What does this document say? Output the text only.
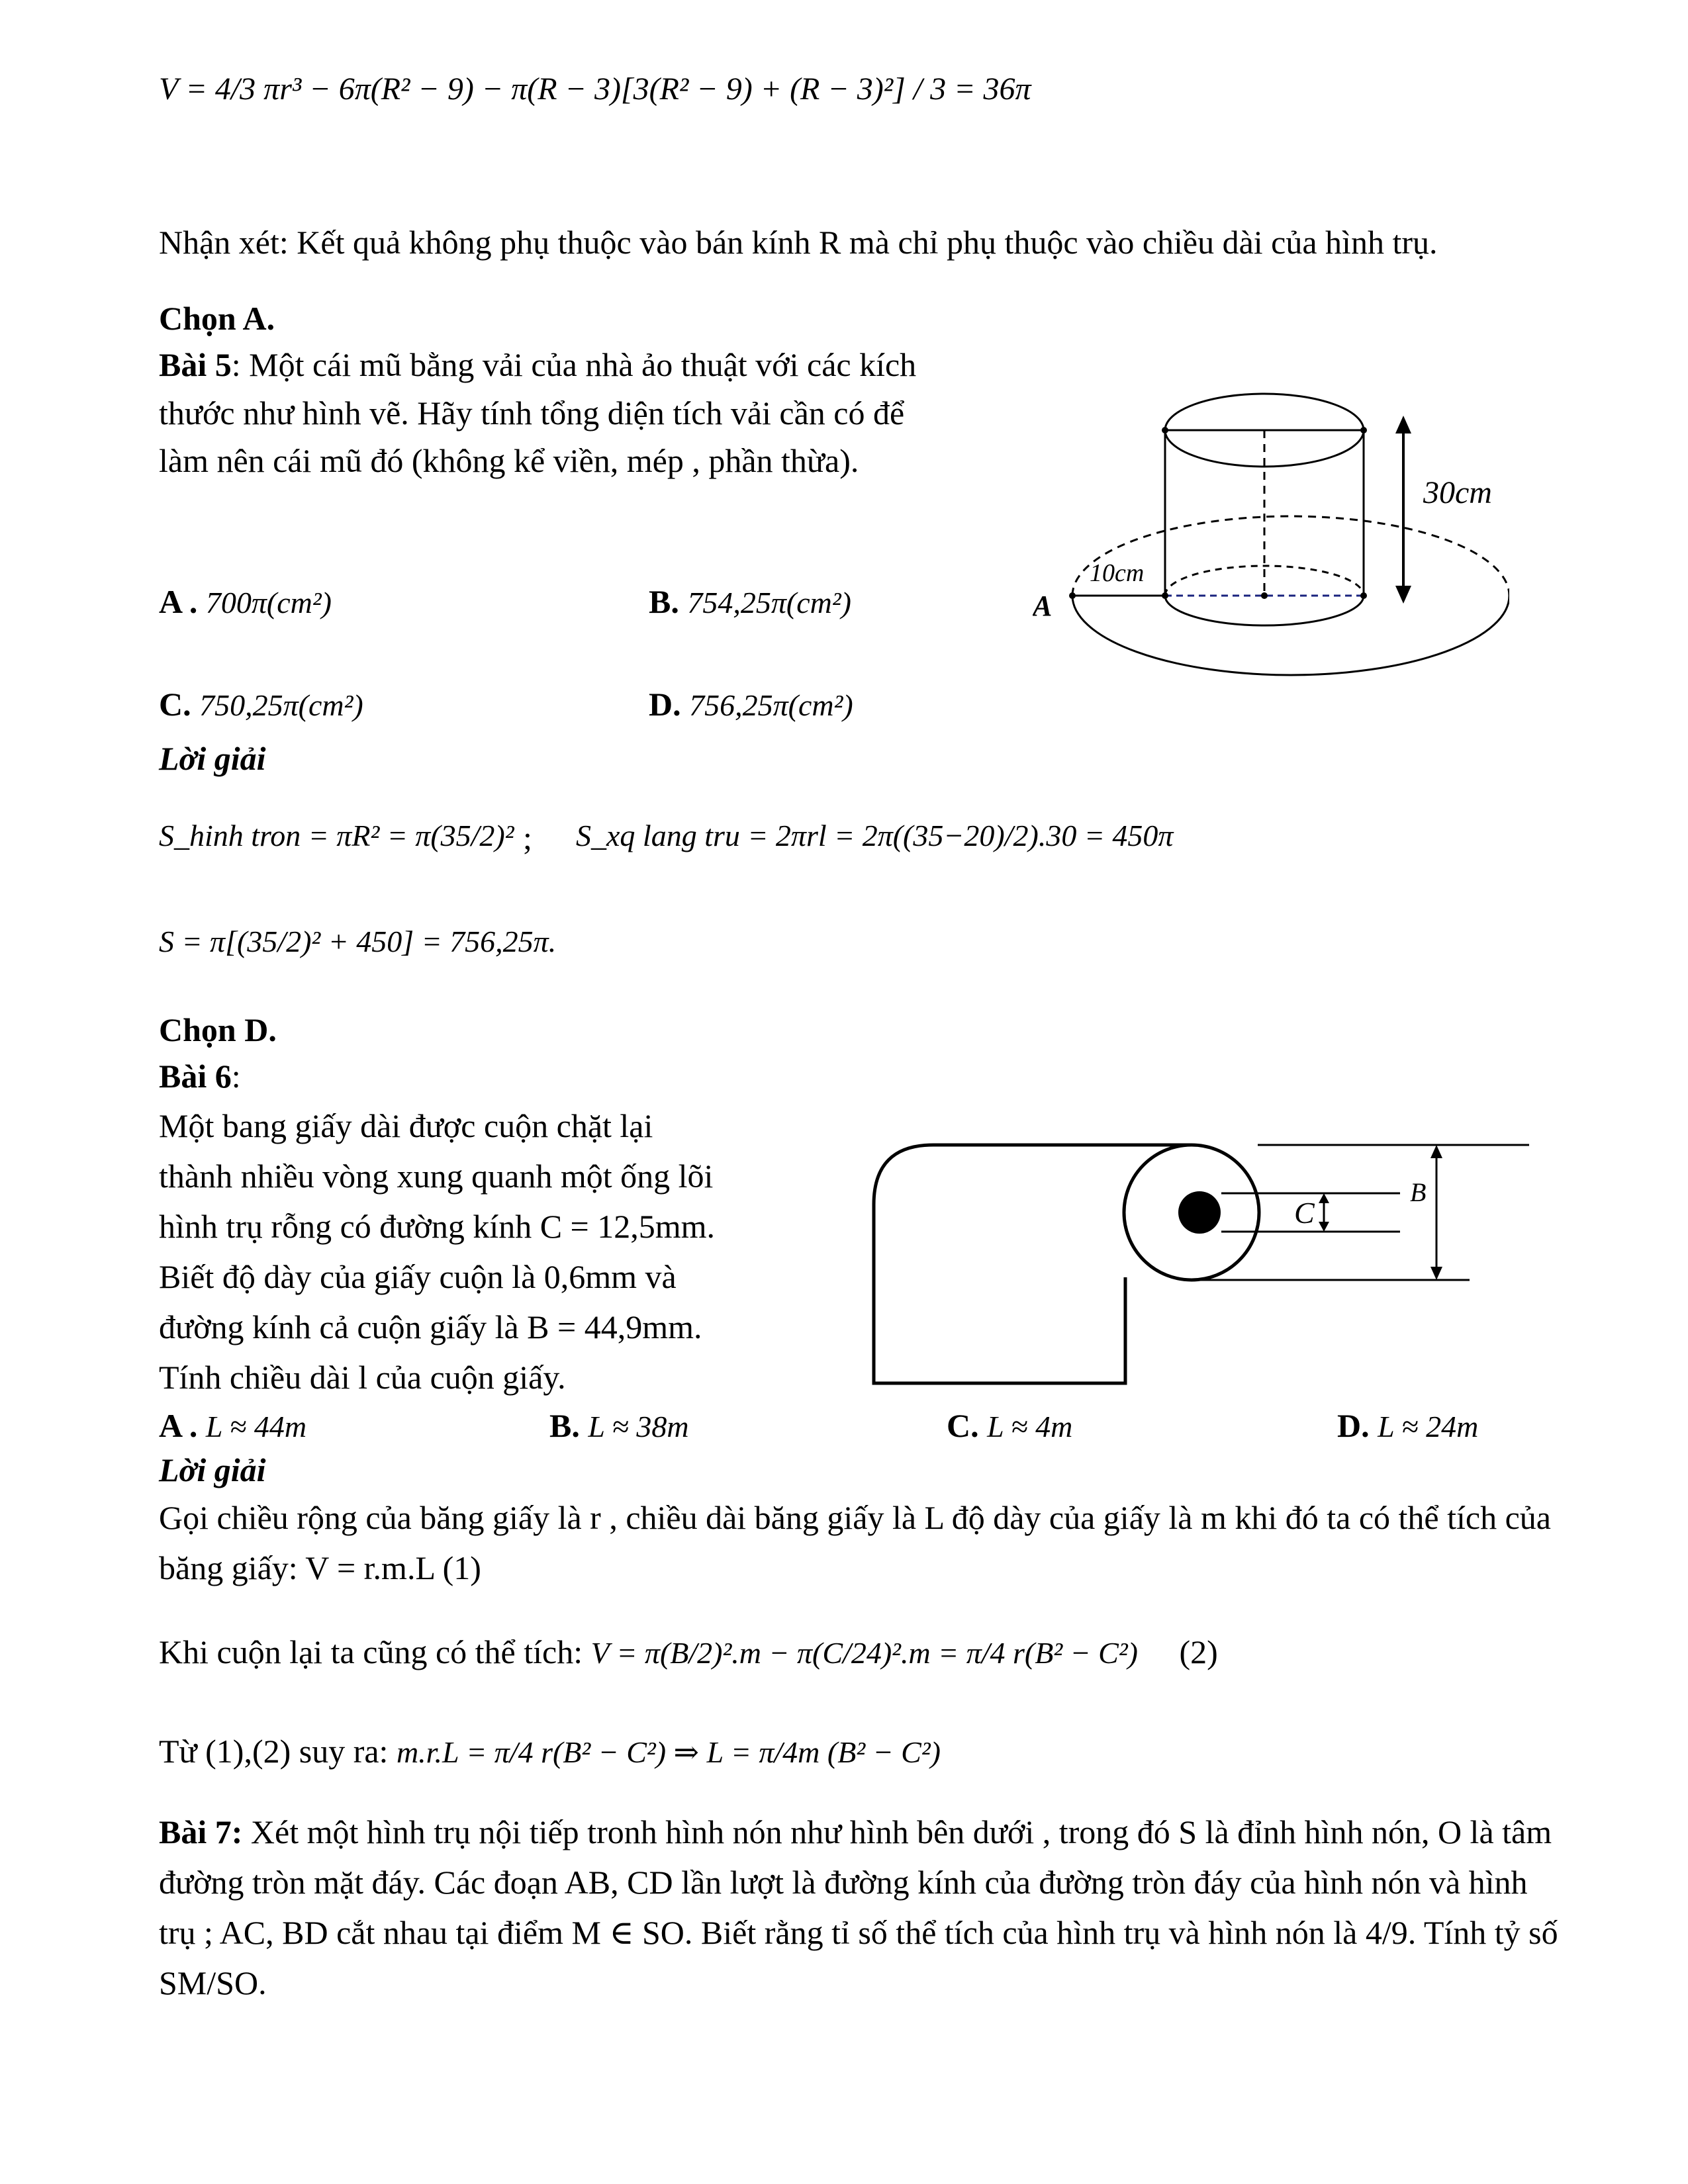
V = 4/3 πr³ − 6π(R² − 9) − π(R − 3)[3(R² − 9) + (R − 3)²] / 3 = 36π
Nhận xét: Kết quả không phụ thuộc vào bán kính R mà chỉ phụ thuộc vào chiều dài của hình trụ.
Chọn A.
Bài 5: Một cái mũ bằng vải của nhà ảo thuật với các kích thước như hình vẽ. Hãy tính tổng diện tích vải cần có để làm nên cái mũ đó (không kể viền, mép , phần thừa).
A . 700π(cm²)	B. 754,25π(cm²)
C. 750,25π(cm²)	D. 756,25π(cm²)
30cm
10cm
A
Lời giải
S_hinh tron = πR² = π(35/2)² ; S_xq lang tru = 2πrl = 2π((35−20)/2).30 = 450π
S = π[(35/2)² + 450] = 756,25π.
Chọn D.
Bài 6:
Một bang giấy dài được cuộn chặt lại
thành nhiều vòng xung quanh một ống lõi
hình trụ rỗng có đường kính C = 12,5mm.
Biết độ dày của giấy cuộn là 0,6mm và
đường kính cả cuộn giấy là B = 44,9mm.
Tính chiều dài l của cuộn giấy.
C
B
A . L ≈ 44m	B. L ≈ 38m	C. L ≈ 4m	D. L ≈ 24m
Lời giải
Gọi chiều rộng của băng giấy là r , chiều dài băng giấy là L độ dày của giấy là m khi đó ta có thể tích của băng giấy: V = r.m.L (1)
Khi cuộn lại ta cũng có thể tích: V = π(B/2)².m − π(C/24)².m = π/4 r(B² − C²) (2)
Từ (1),(2) suy ra: m.r.L = π/4 r(B² − C²) ⇒ L = π/4m (B² − C²)
Bài 7: Xét một hình trụ nội tiếp tronh hình nón như hình bên dưới , trong đó S là đỉnh hình nón, O là tâm đường tròn mặt đáy. Các đoạn AB, CD lần lượt là đường kính của đường tròn đáy của hình nón và hình trụ ; AC, BD cắt nhau tại điểm M ∈ SO. Biết rằng tỉ số thể tích của hình trụ và hình nón là 4/9. Tính tỷ số SM/SO.
